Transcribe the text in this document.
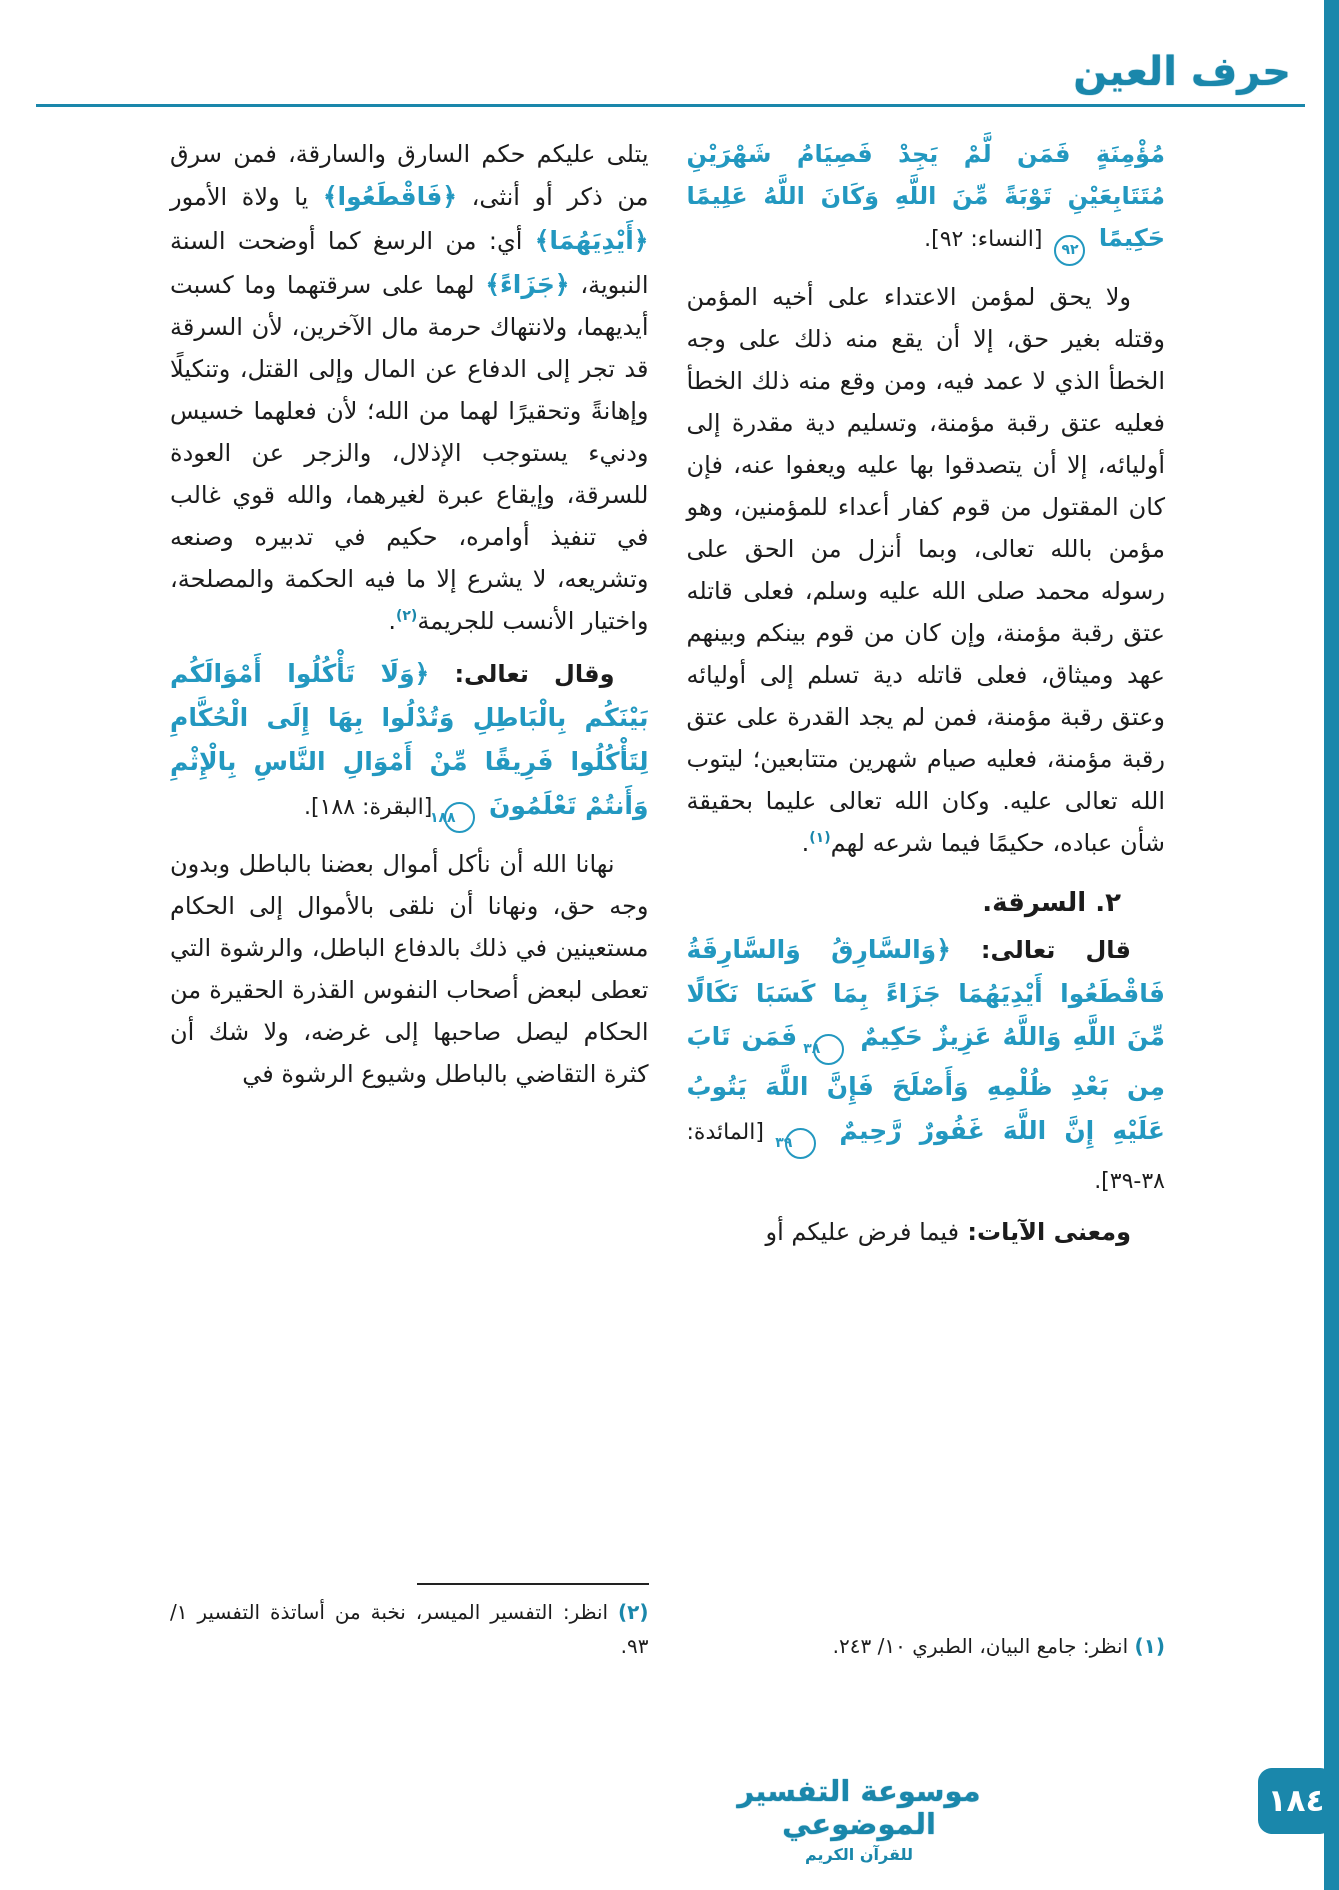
حرف العين

مُؤْمِنَةٍ فَمَن لَّمْ يَجِدْ فَصِيَامُ شَهْرَيْنِ مُتَتَابِعَيْنِ تَوْبَةً مِّنَ اللَّهِ وَكَانَ اللَّهُ عَلِيمًا حَكِيمًا ٩٢ [النساء: ٩٢].

ولا يحق لمؤمن الاعتداء على أخيه المؤمن وقتله بغير حق، إلا أن يقع منه ذلك على وجه الخطأ الذي لا عمد فيه، ومن وقع منه ذلك الخطأ فعليه عتق رقبة مؤمنة، وتسليم دية مقدرة إلى أوليائه، إلا أن يتصدقوا بها عليه ويعفوا عنه، فإن كان المقتول من قوم كفار أعداء للمؤمنين، وهو مؤمن بالله تعالى، وبما أنزل من الحق على رسوله محمد صلى الله عليه وسلم، فعلى قاتله عتق رقبة مؤمنة، وإن كان من قوم بينكم وبينهم عهد وميثاق، فعلى قاتله دية تسلم إلى أوليائه وعتق رقبة مؤمنة، فمن لم يجد القدرة على عتق رقبة مؤمنة، فعليه صيام شهرين متتابعين؛ ليتوب الله تعالى عليه. وكان الله تعالى عليما بحقيقة شأن عباده، حكيمًا فيما شرعه لهم$^{(١)}$.

٢. السرقة.

قال تعالى: ﴿وَالسَّارِقُ وَالسَّارِقَةُ فَاقْطَعُوا أَيْدِيَهُمَا جَزَاءً بِمَا كَسَبَا نَكَالًا مِّنَ اللَّهِ وَاللَّهُ عَزِيزٌ حَكِيمٌ ٣٨ فَمَن تَابَ مِن بَعْدِ ظُلْمِهِ وَأَصْلَحَ فَإِنَّ اللَّهَ يَتُوبُ عَلَيْهِ إِنَّ اللَّهَ غَفُورٌ رَّحِيمٌ ٣٩ [المائدة: ٣٨-٣٩].

ومعنى الآيات: فيما فرض عليكم أو

(١) انظر: جامع البيان، الطبري ١٠/ ٢٤٣.

يتلى عليكم حكم السارق والسارقة، فمن سرق من ذكر أو أنثى، ﴿فَاقْطَعُوا﴾ يا ولاة الأمور ﴿أَيْدِيَهُمَا﴾ أي: من الرسغ كما أوضحت السنة النبوية، ﴿جَزَاءً﴾ لهما على سرقتهما وما كسبت أيديهما، ولانتهاك حرمة مال الآخرين، لأن السرقة قد تجر إلى الدفاع عن المال وإلى القتل، وتنكيلًا وإهانةً وتحقيرًا لهما من الله؛ لأن فعلهما خسيس ودنيء يستوجب الإذلال، والزجر عن العودة للسرقة، وإيقاع عبرة لغيرهما، والله قوي غالب في تنفيذ أوامره، حكيم في تدبيره وصنعه وتشريعه، لا يشرع إلا ما فيه الحكمة والمصلحة، واختيار الأنسب للجريمة$^{(٢)}$.

وقال تعالى: ﴿وَلَا تَأْكُلُوا أَمْوَالَكُم بَيْنَكُم بِالْبَاطِلِ وَتُدْلُوا بِهَا إِلَى الْحُكَّامِ لِتَأْكُلُوا فَرِيقًا مِّنْ أَمْوَالِ النَّاسِ بِالْإِثْمِ وَأَنتُمْ تَعْلَمُونَ ١٨٨ [البقرة: ١٨٨].

نهانا الله أن نأكل أموال بعضنا بالباطل وبدون وجه حق، ونهانا أن نلقى بالأموال إلى الحكام مستعينين في ذلك بالدفاع الباطل، والرشوة التي تعطى لبعض أصحاب النفوس القذرة الحقيرة من الحكام ليصل صاحبها إلى غرضه، ولا شك أن كثرة التقاضي بالباطل وشيوع الرشوة في

(٢) انظر: التفسير الميسر، نخبة من أساتذة التفسير ١/ ٩٣.
موسوعة التفسير الموضوعي
للقرآن الكريم
١٨٤
